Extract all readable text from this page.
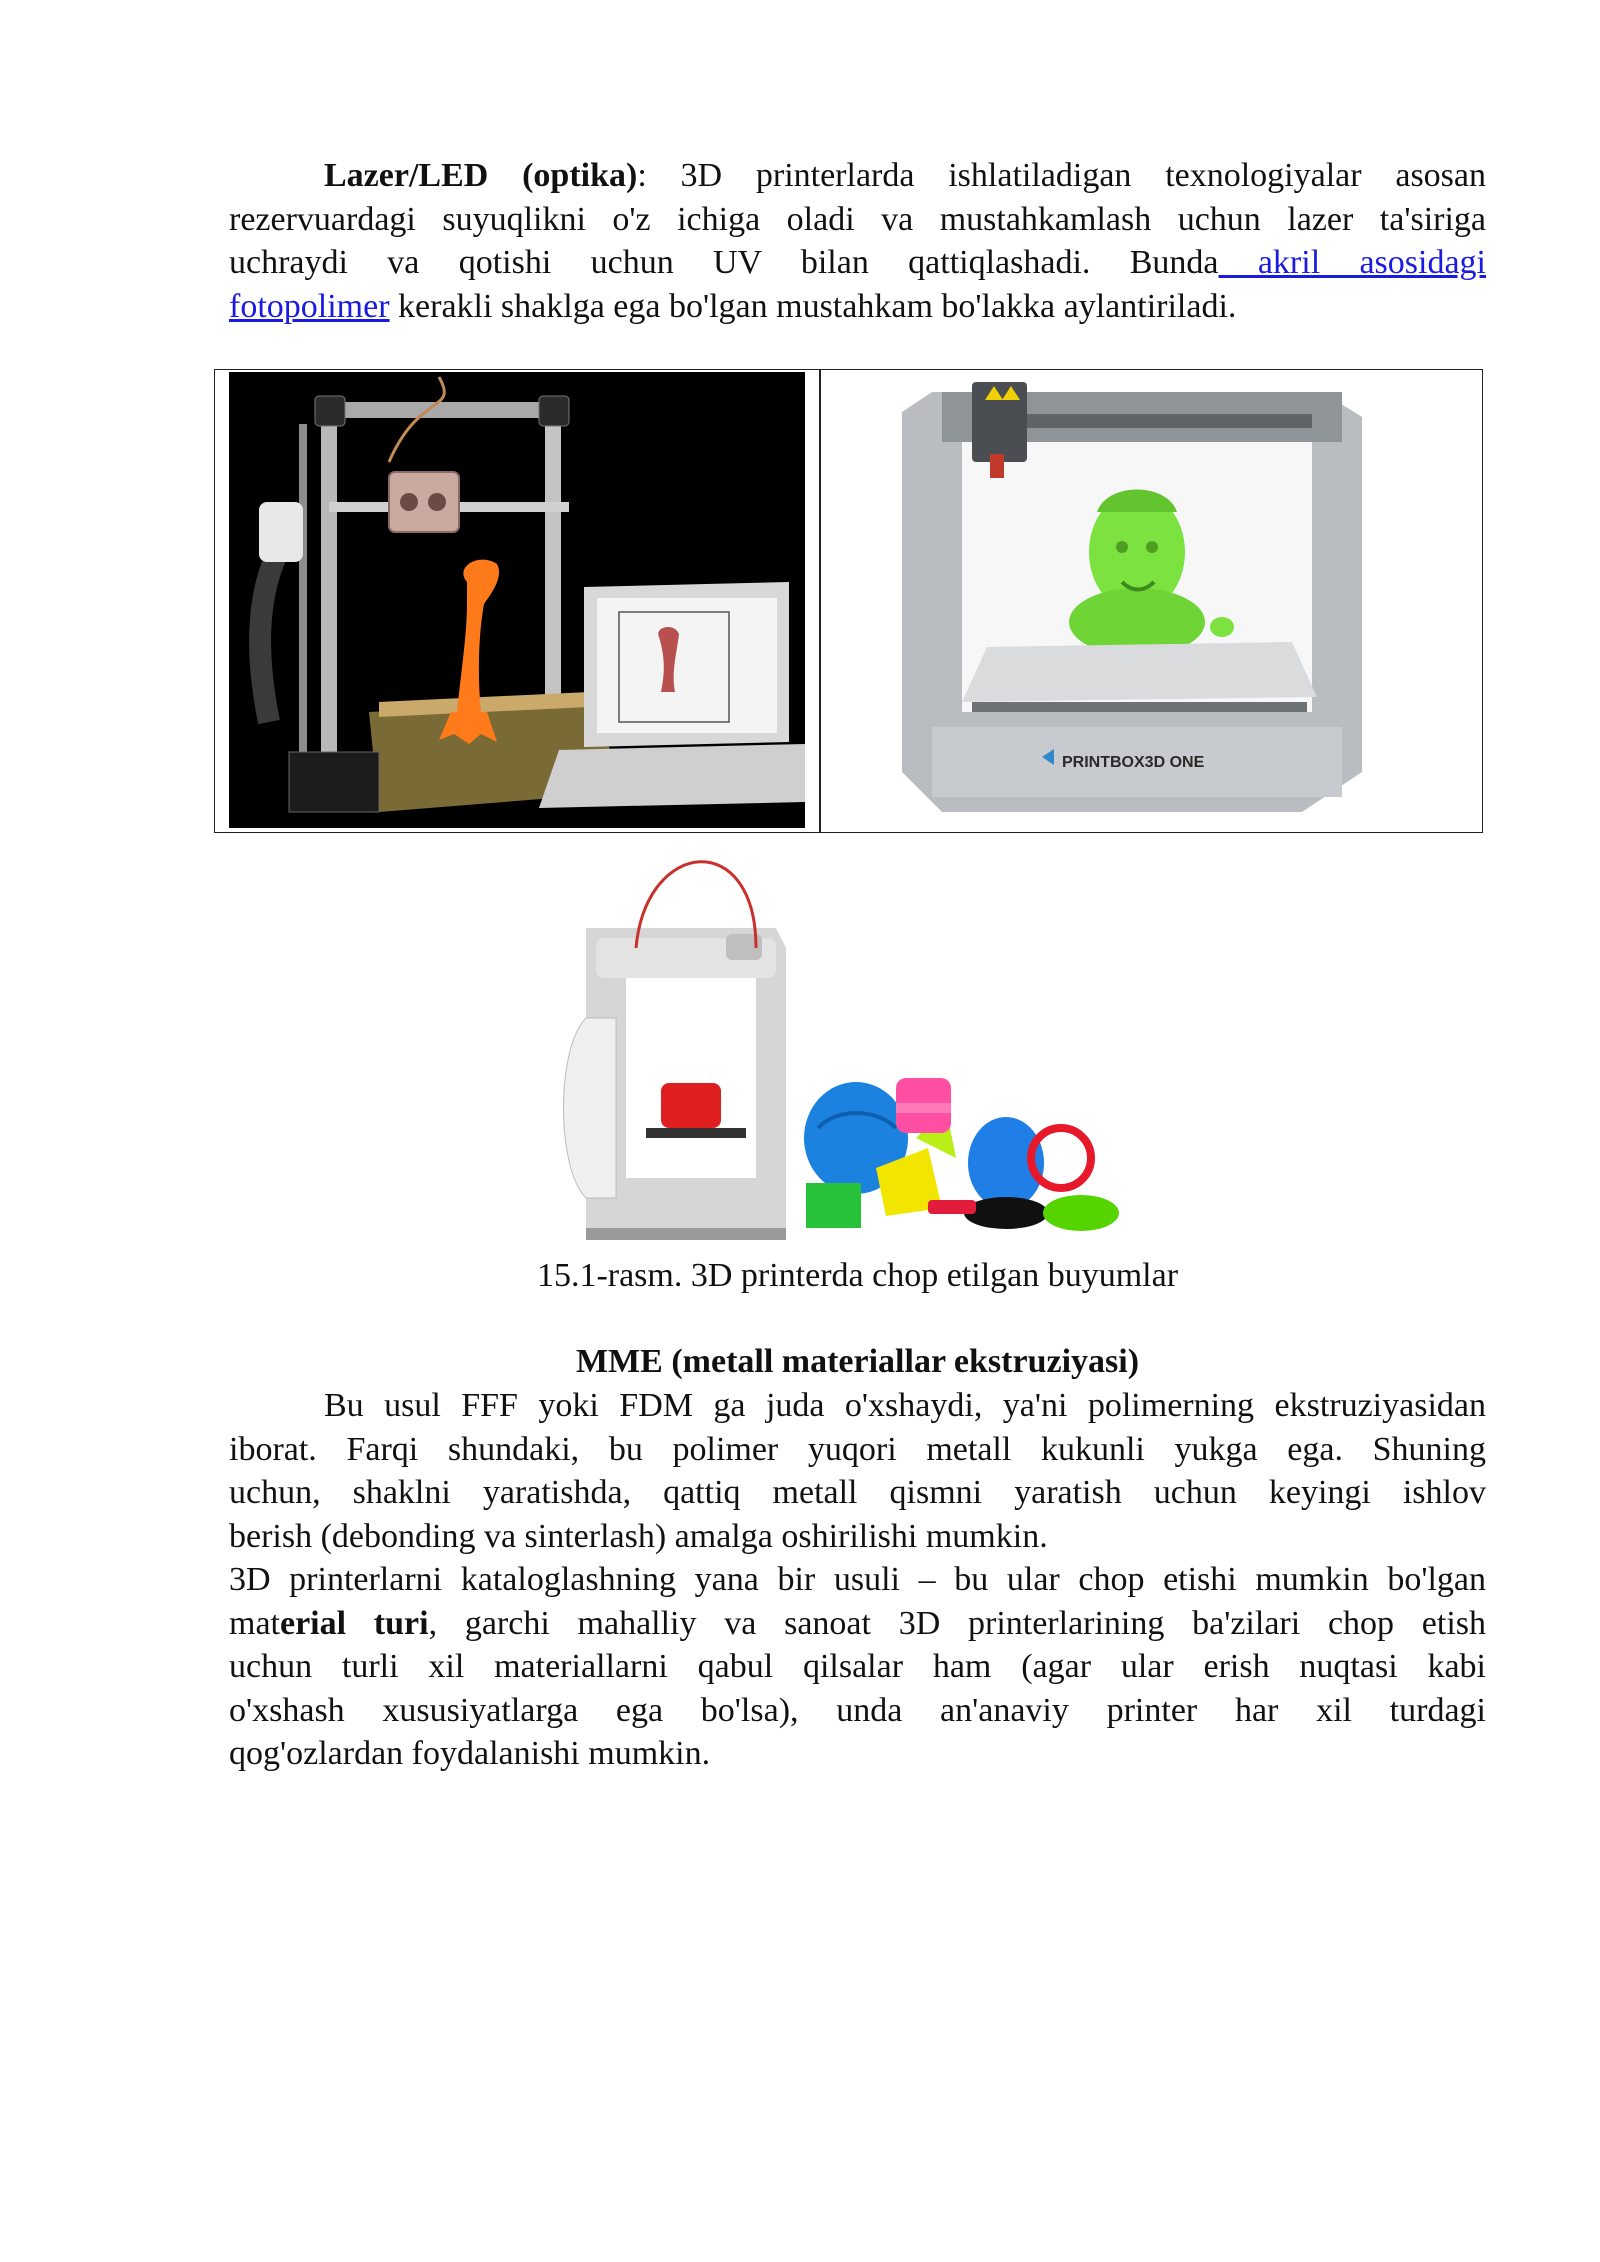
Lazer/LED (optika): 3D printerlarda ishlatiladigan texnologiyalar asosan
rezervuardagi suyuqlikni o'z ichiga oladi va mustahkamlash uchun lazer ta'siriga
uchraydi va qotishi uchun UV bilan qattiqlashadi. Bunda akril asosidagi
fotopolimer kerakli shaklga ega bo'lgan mustahkam bo'lakka aylantiriladi.
PRINTBOX3D ONE
15.1-rasm. 3D printerda chop etilgan buyumlar
MME (metall materiallar ekstruziyasi)
Bu usul FFF yoki FDM ga juda o'xshaydi, ya'ni polimerning ekstruziyasidan
iborat. Farqi shundaki, bu polimer yuqori metall kukunli yukga ega. Shuning
uchun, shaklni yaratishda, qattiq metall qismni yaratish uchun keyingi ishlov
berish (debonding va sinterlash) amalga oshirilishi mumkin.
3D printerlarni kataloglashning yana bir usuli – bu ular chop etishi mumkin bo'lgan
material turi, garchi mahalliy va sanoat 3D printerlarining ba'zilari chop etish
uchun turli xil materiallarni qabul qilsalar ham (agar ular erish nuqtasi kabi
o'xshash xususiyatlarga ega bo'lsa), unda an'anaviy printer har xil turdagi
qog'ozlardan foydalanishi mumkin.
